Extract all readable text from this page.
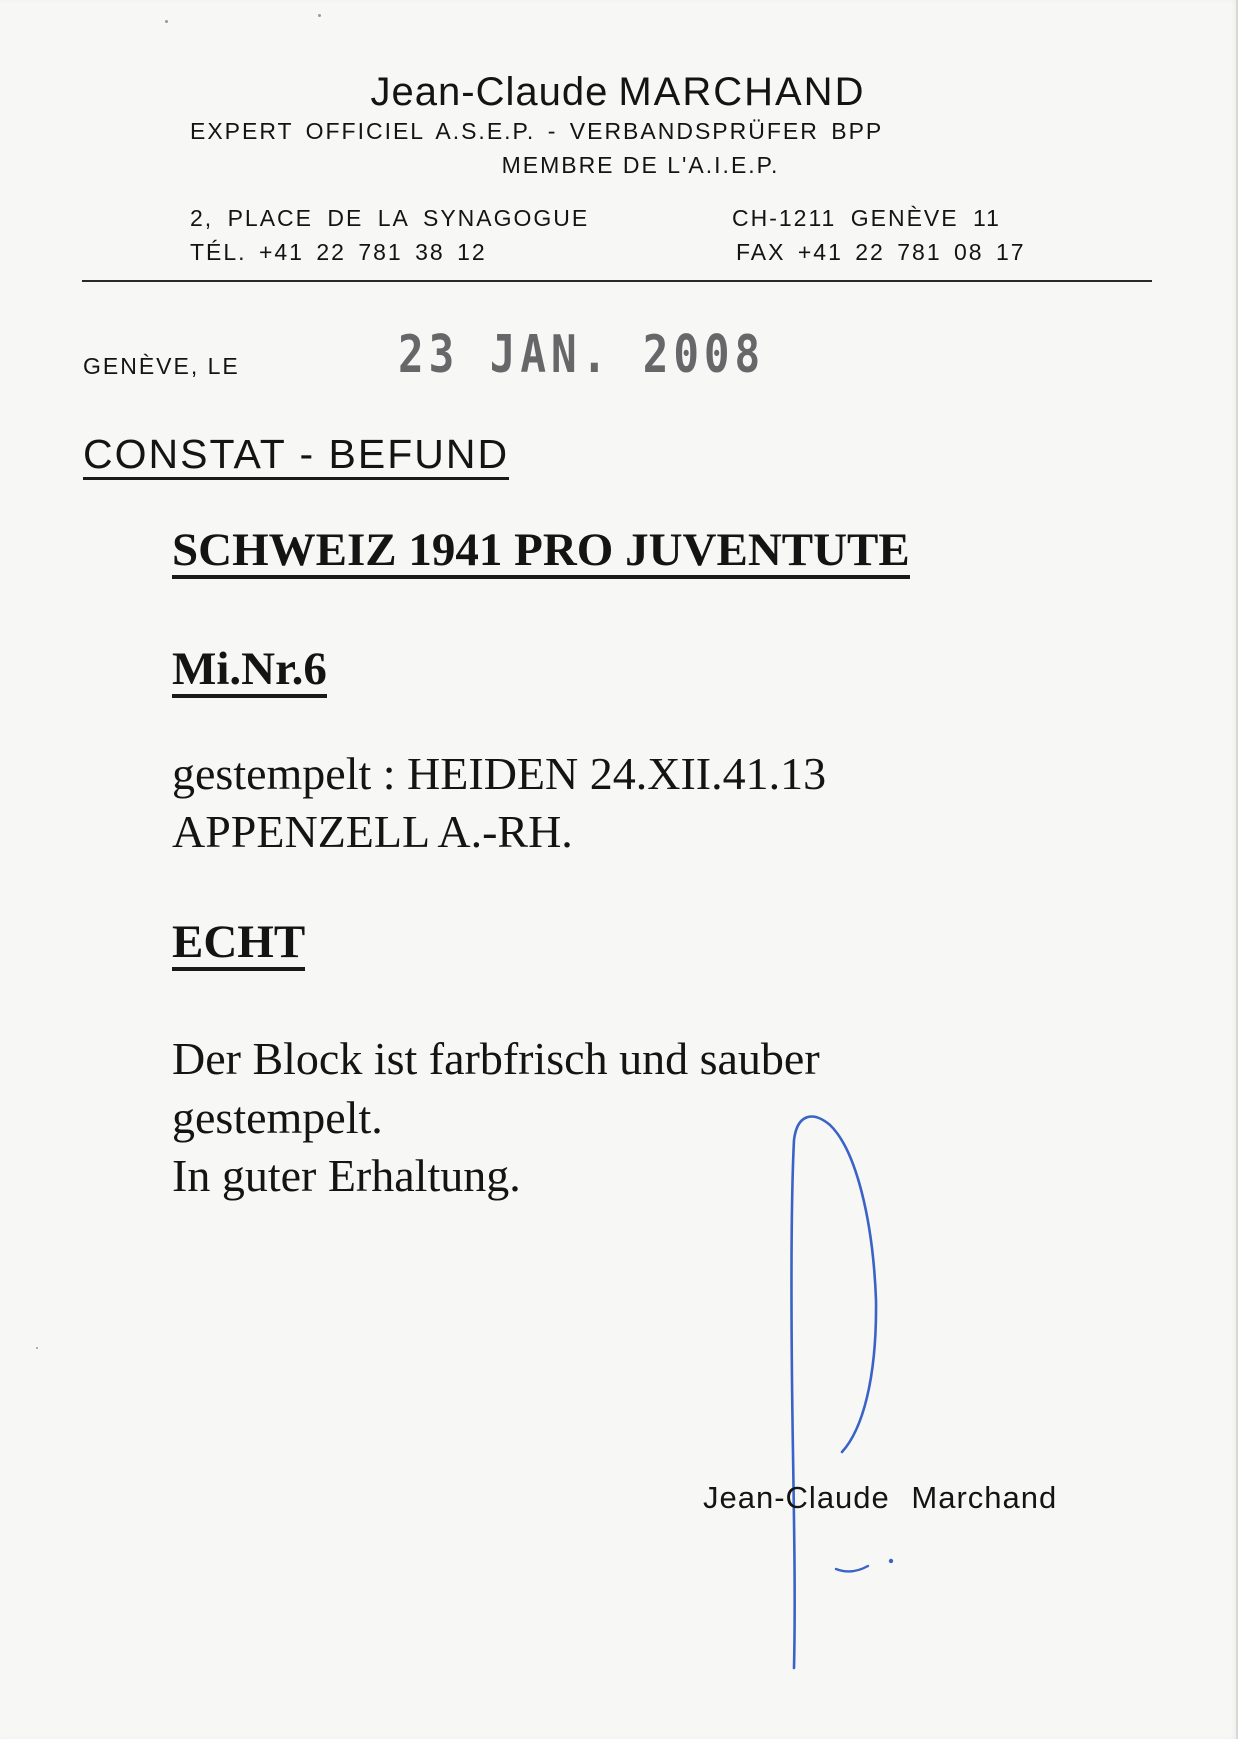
Jean-Claude MARCHAND
EXPERT OFFICIEL A.S.E.P. - VERBANDSPRÜFER BPP
MEMBRE DE L'A.I.E.P.
2, PLACE DE LA SYNAGOGUE	CH-1211 GENÈVE 11
TÉL. +41 22 781 38 12	FAX +41 22 781 08 17
GENÈVE, LE	23 JAN. 2008
CONSTAT - BEFUND
SCHWEIZ 1941 PRO JUVENTUTE
Mi.Nr.6
gestempelt : HEIDEN 24.XII.41.13
APPENZELL A.-RH.
ECHT
Der Block ist farbfrisch und sauber
gestempelt.
In guter Erhaltung.
Jean-Claude Marchand
